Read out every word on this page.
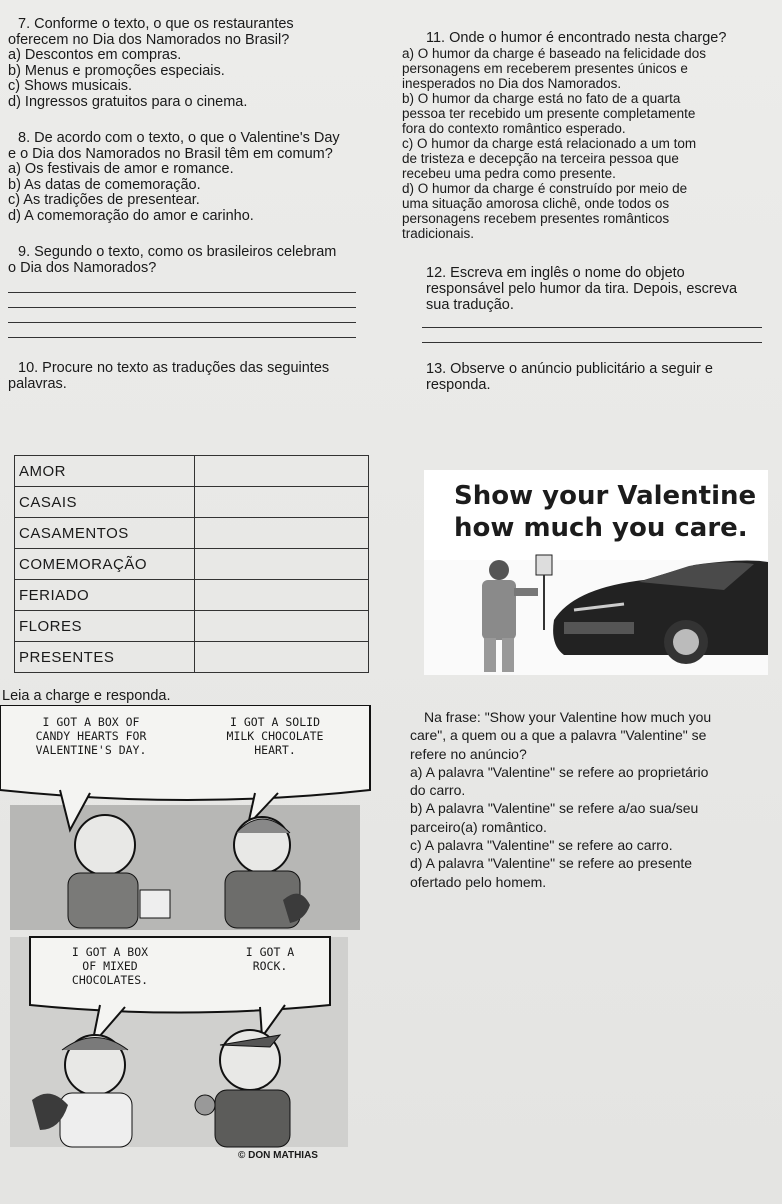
7. Conforme o texto, o que os restaurantes

oferecem no Dia dos Namorados no Brasil?

a) Descontos em compras.

b) Menus e promoções especiais.

c) Shows musicais.

d) Ingressos gratuitos para o cinema.

8. De acordo com o texto, o que o Valentine's Day

e o Dia dos Namorados no Brasil têm em comum?

a) Os festivais de amor e romance.

b) As datas de comemoração.

c) As tradições de presentear.

d) A comemoração do amor e carinho.

9. Segundo o texto, como os brasileiros celebram

o Dia dos Namorados?

10. Procure no texto as traduções das seguintes

palavras.

AMOR	
CASAIS	
CASAMENTOS	
COMEMORAÇÃO	
FERIADO	
FLORES	
PRESENTES	

Leia a charge e responda.

11. Onde o humor é encontrado nesta charge?

a) O humor da charge é baseado na felicidade dos

personagens em receberem presentes únicos e

inesperados no Dia dos Namorados.

b) O humor da charge está no fato de a quarta

pessoa ter recebido um presente completamente

fora do contexto romântico esperado.

c) O humor da charge está relacionado a um tom

de tristeza e decepção na terceira pessoa que

recebeu uma pedra como presente.

d) O humor da charge é construído por meio de

uma situação amorosa clichê, onde todos os

personagens recebem presentes românticos

tradicionais.

12. Escreva em inglês o nome do objeto

responsável pelo humor da tira. Depois, escreva

sua tradução.

13. Observe o anúncio publicitário a seguir e

responda.

Show your Valentine
how much you care.

Na frase: "Show your Valentine how much you

care", a quem ou a que a palavra "Valentine" se

refere no anúncio?

a) A palavra "Valentine" se refere ao proprietário

do carro.

b) A palavra "Valentine" se refere a/ao sua/seu

parceiro(a) romântico.

c) A palavra "Valentine" se refere ao carro.

d) A palavra "Valentine" se refere ao presente

ofertado pelo homem.

I GOT A BOX OF
CANDY HEARTS FOR
VALENTINE'S DAY.
I GOT A SOLID
MILK CHOCOLATE
HEART.
I GOT A BOX
OF MIXED
CHOCOLATES.
I GOT A
ROCK.
© DON MATHIAS
